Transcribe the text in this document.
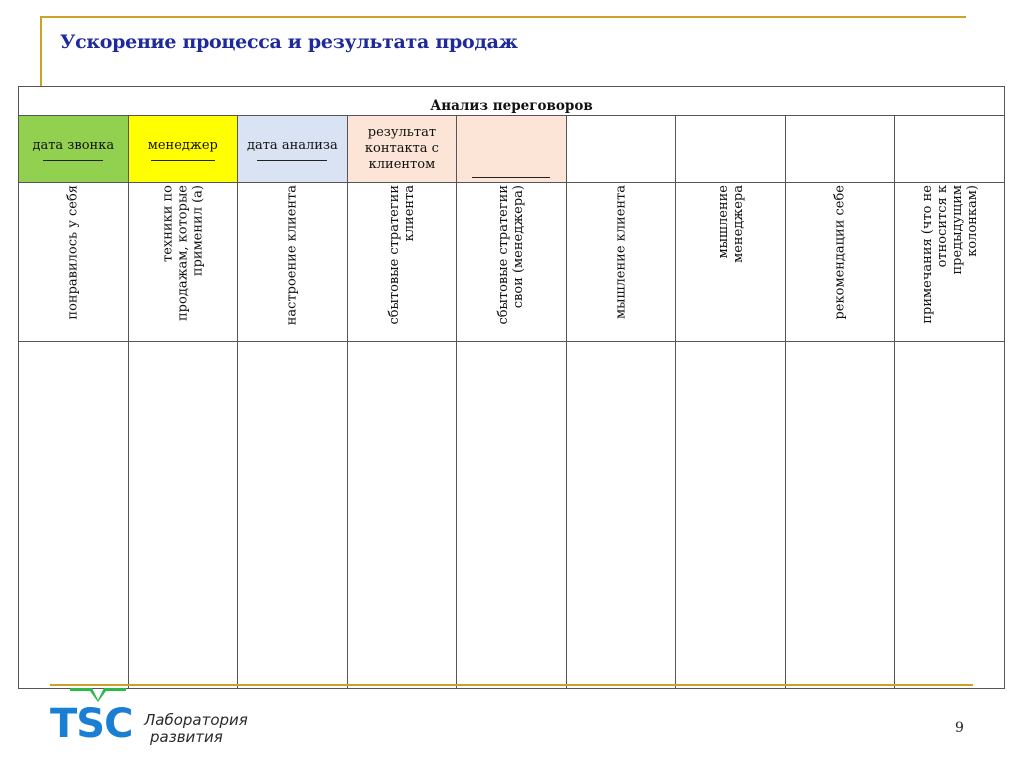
Ускорение процесса и результата продаж
Анализ переговоров								
дата звонка	менеджер	дата анализа	результат контакта с клиентом					

понравилось у себя	техники по продажам, которые применил (а)	настроение клиента	сбытовые стратегии клиента	сбытовые стратегии свои (менеджера)	мышление клиента	мышление менеджера	рекомендации себе	примечания (что не относится к предыдущим колонкам)

TSC Лаборатория
развития	9
